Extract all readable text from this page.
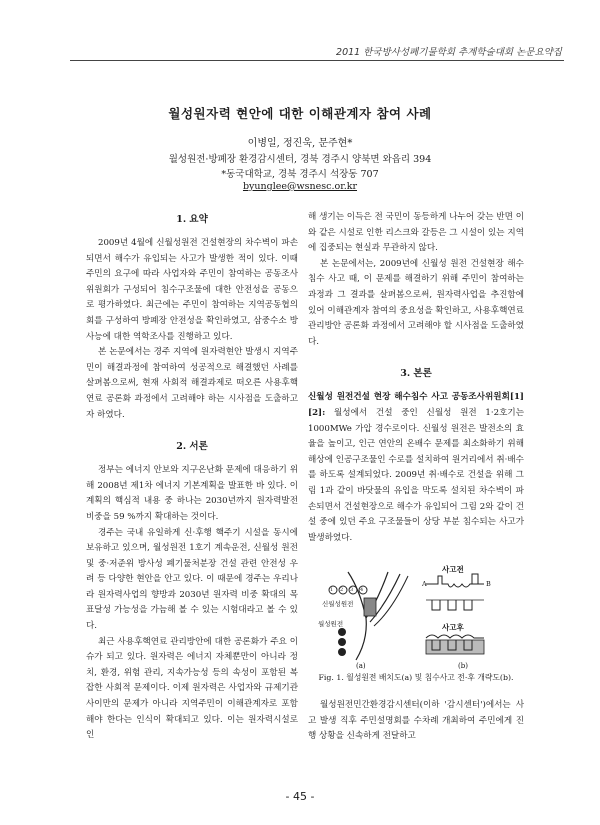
2011 한국방사성폐기물학회 추계학술대회 논문요약집
월성원자력 현안에 대한 이해관계자 참여 사례
이병일, 정진욱, 문주현*
월성원전·방폐장 환경감시센터, 경북 경주시 양북면 와읍리 394
*동국대학교, 경북 경주시 석장동 707
byunglee@wsnesc.or.kr
1. 요약

2009년 4월에 신월성원전 건설현장의 차수벽이 파손되면서 해수가 유입되는 사고가 발생한 적이 있다. 이때 주민의 요구에 따라 사업자와 주민이 참여하는 공동조사위원회가 구성되어 침수구조물에 대한 안전성을 공동으로 평가하였다. 최근에는 주민이 참여하는 지역공동협의회를 구성하여 방폐장 안전성을 확인하였고, 삼중수소 방사능에 대한 역학조사를 진행하고 있다.

본 논문에서는 경주 지역에 원자력현안 발생시 지역주민이 해결과정에 참여하여 성공적으로 해결했던 사례를 살펴봄으로써, 현재 사회적 해결과제로 떠오른 사용후핵연료 공론화 과정에서 고려해야 하는 시사점을 도출하고자 하였다.

2. 서론

정부는 에너지 안보와 지구온난화 문제에 대응하기 위해 2008년 제1차 에너지 기본계획을 발표한 바 있다. 이 계획의 핵심적 내용 중 하나는 2030년까지 원자력발전 비중을 59 %까지 확대하는 것이다.

경주는 국내 유일하게 신·후행 핵주기 시설을 동시에 보유하고 있으며, 월성원전 1호기 계속운전, 신월성 원전 및 중·저준위 방사성 폐기물처분장 건설 관련 안전성 우려 등 다양한 현안을 안고 있다. 이 때문에 경주는 우리나라 원자력사업의 향방과 2030년 원자력 비중 확대의 목표달성 가능성을 가늠해 볼 수 있는 시험대라고 볼 수 있다.

최근 사용후핵연료 관리방안에 대한 공론화가 주요 이슈가 되고 있다. 원자력은 에너지 자체뿐만이 아니라 정치, 환경, 위험 관리, 지속가능성 등의 속성이 포함된 복잡한 사회적 문제이다. 이제 원자력은 사업자와 규제기관 사이만의 문제가 아니라 지역주민이 이해관계자로 포함해야 한다는 인식이 확대되고 있다. 이는 원자력시설로 인

해 생기는 이득은 전 국민이 동등하게 나누어 갖는 반면 이와 같은 시설로 인한 리스크와 갈등은 그 시설이 있는 지역에 집중되는 현실과 무관하지 않다.

본 논문에서는, 2009년에 신월성 원전 건설현장 해수침수 사고 때, 이 문제를 해결하기 위해 주민이 참여하는 과정과 그 결과를 살펴봄으로써, 원자력사업을 추진함에 있어 이해관계자 참여의 중요성을 확인하고, 사용후핵연료 관리방안 공론화 과정에서 고려해야 할 시사점을 도출하였다.

3. 본론

신월성 원전건설 현장 해수침수 사고 공동조사위원회[1][2]: 월성에서 건설 중인 신월성 원전 1·2호기는 1000MWe 가압 경수로이다. 신월성 원전은 발전소의 효율을 높이고, 인근 연안의 온배수 문제를 최소화하기 위해 해상에 인공구조물인 수로를 설치하여 원거리에서 취·배수를 하도록 설계되었다. 2009년 취·배수로 건설을 위해 그림 1과 같이 바닷물의 유입을 막도록 설치된 차수벽이 파손되면서 건설현장으로 해수가 유입되어 그림 2와 같이 건설 중에 있던 주요 구조물들이 상당 부분 침수되는 사고가 발생하였다.

1 2 3 4
신월성원전
월성원전
(a)
사고전
A	B
사고후
(b)
Fig. 1. 월성원전 배치도(a) 및 침수사고 전·후 개략도(b).

월성원전민간환경감시센터(이하 '감시센터')에서는 사고 발생 직후 주민설명회를 수차례 개최하여 주민에게 진행 상황을 신속하게 전달하고

- 45 -
